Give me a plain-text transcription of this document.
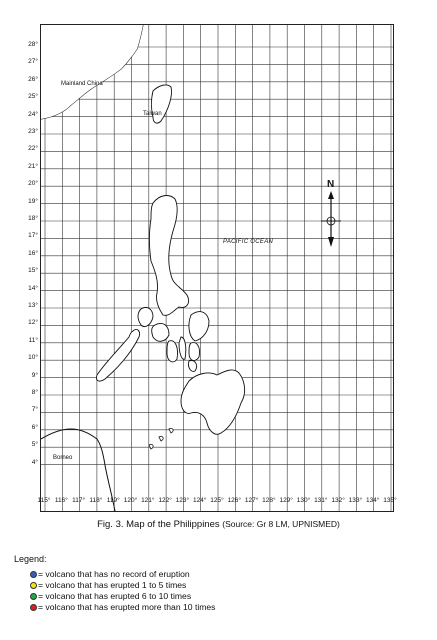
Mainland China
Taiwan
Borneo
PACIFIC OCEAN
N
28°
27°
26°
25°
24°
23°
22°
21°
20°
19°
18°
17°
16°
15°
14°
13°
12°
11°
10°
9°
8°
7°
6°
5°
4°
115° 116° 117° 118° 119° 120° 121° 122° 123° 124° 125° 126° 127° 128° 129° 130° 131° 132° 133° 134° 135°
Fig. 3. Map of the Philippines (Source: Gr 8 LM, UPNISMED)
Legend:
= volcano that has no record of eruption
= volcano that has erupted 1 to 5 times
= volcano that has erupted 6 to 10 times
= volcano that has erupted more than 10 times
